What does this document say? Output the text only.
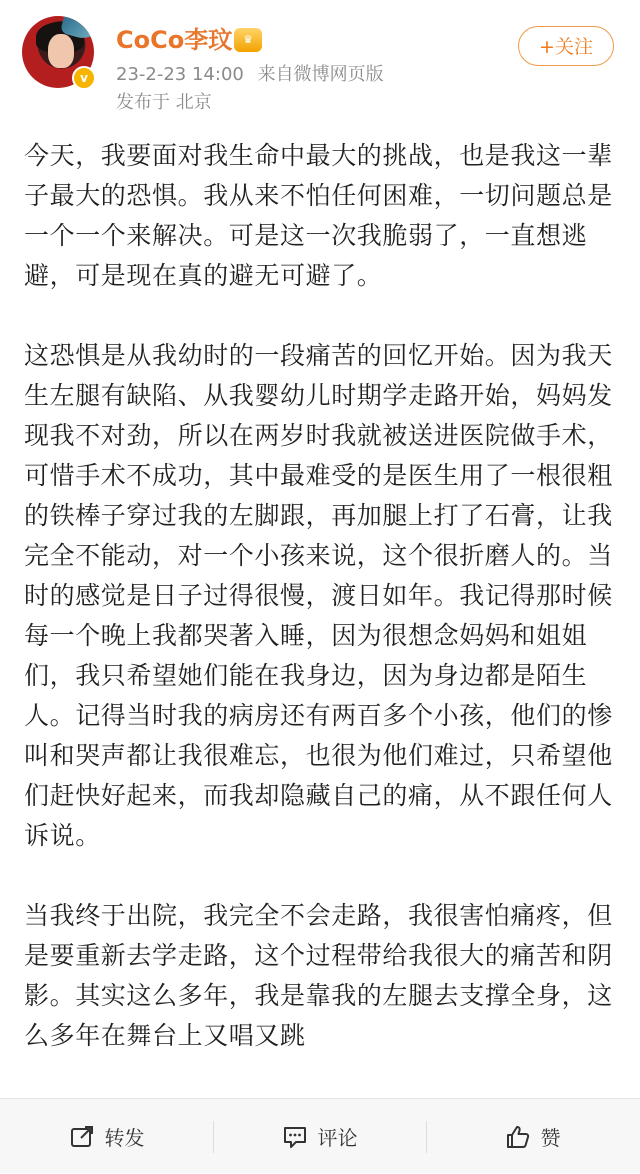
v
CoCo李玟 ♛
23-2-23 14:00 来自微博网页版
发布于 北京
+关注

今天，我要面对我生命中最大的挑战，也是我这一辈子最大的恐惧。我从来不怕任何困难，一切问题总是一个一个来解决。可是这一次我脆弱了，一直想逃避，可是现在真的避无可避了。

这恐惧是从我幼时的一段痛苦的回忆开始。因为我天生左腿有缺陷、从我婴幼儿时期学走路开始，妈妈发现我不对劲，所以在两岁时我就被送进医院做手术，可惜手术不成功，其中最难受的是医生用了一根很粗的铁棒子穿过我的左脚跟，再加腿上打了石膏，让我完全不能动，对一个小孩来说，这个很折磨人的。当时的感觉是日子过得很慢，渡日如年。我记得那时候每一个晚上我都哭著入睡，因为很想念妈妈和姐姐们，我只希望她们能在我身边，因为身边都是陌生人。记得当时我的病房还有两百多个小孩，他们的惨叫和哭声都让我很难忘，也很为他们难过，只希望他们赶快好起来，而我却隐藏自己的痛，从不跟任何人诉说。

当我终于出院，我完全不会走路，我很害怕痛疼，但是要重新去学走路，这个过程带给我很大的痛苦和阴影。其实这么多年，我是靠我的左腿去支撑全身，这么多年在舞台上又唱又跳

转发	评论	赞
